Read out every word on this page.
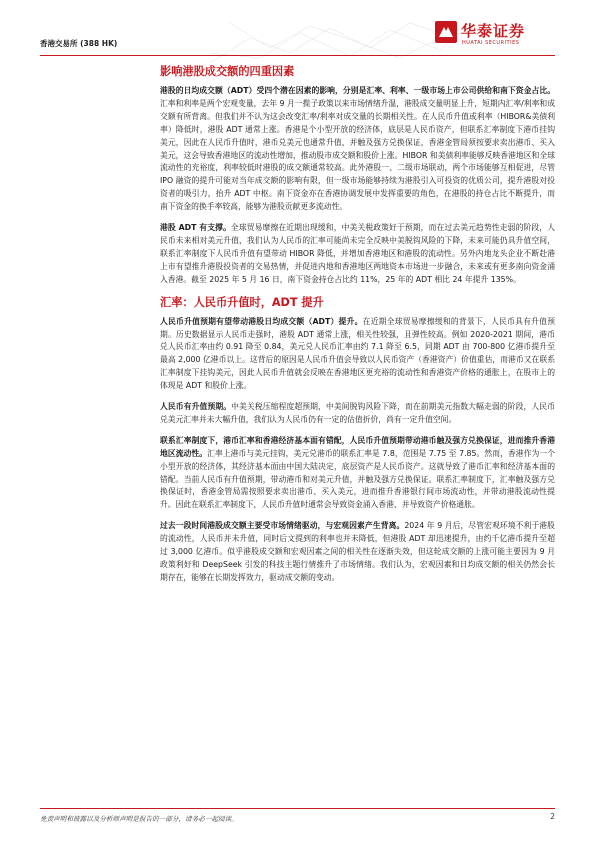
香港交易所 (388 HK)
华泰证券
HUATAI SECURITIES
影响港股成交额的四重因素

港股的日均成交额（ADT）受四个潜在因素的影响，分别是汇率、利率、一级市场上市公司供给和南下资金占比。汇率和利率是两个宏观变量，去年 9 月一揽子政策以来市场情绪升温，港股成交量明显上升，短期内汇率/利率和成交额有所背离。但我们并不认为这会改变汇率/利率对成交量的长期相关性。在人民币升值或利率（HIBOR&美债利率）降低时，港股 ADT 通常上涨。香港是个小型开放的经济体，底层是人民币资产，但联系汇率制度下港币挂钩美元，因此在人民币升值时，港币兑美元也通常升值，并触及强方兑换保证，香港金管局须按要求卖出港币、买入美元，这会导致香港地区的流动性增加，推动股市成交额和股价上涨。HIBOR 和美债利率能够反映香港地区和全球流动性的充裕度，利率较低时港股的成交额通常较高。此外港股一、二级市场联动，两个市场能够互相促进，尽管 IPO 融资的提升可能对当年成交额的影响有限，但一级市场能够持续为港股引入可投资的优质公司，提升港股对投资者的吸引力，抬升 ADT 中枢。南下资金亦在香港协调发展中发挥重要的角色，在港股的持仓占比不断提升，而南下资金的换手率较高，能够为港股贡献更多流动性。

港股 ADT 有支撑。全球贸易摩擦在近期出现缓和，中美关税政策好于预期，而在过去美元趋势性走弱的阶段，人民币未来相对美元升值，我们认为人民币的汇率可能尚未完全反映中美脱钩风险的下降，未来可能仍具升值空间，联系汇率制度下人民币升值有望带动 HIBOR 降低，并增加香港地区和港股的流动性。另外内地龙头企业不断赴港上市有望推升港股投资者的交易热情，并促进内地和香港地区两地资本市场进一步融合，未来或有更多南向资金涌入香港。截至 2025 年 5 月 16 日，南下资金持仓占比约 11%，25 年的 ADT 相比 24 年提升 135%。

汇率：人民币升值时，ADT 提升

人民币升值预期有望带动港股日均成交额（ADT）提升。在近期全球贸易摩擦缓和的背景下，人民币具有升值预期。历史数据显示人民币走强时，港股 ADT 通常上涨，相关性较强，且弹性较高。例如 2020-2021 期间，港币兑人民币汇率由约 0.91 降至 0.84，美元兑人民币汇率由约 7.1 降至 6.5，同期 ADT 由 700-800 亿港币提升至最高 2,000 亿港币以上。这背后的原因是人民币升值会导致以人民币资产（香港资产）价值重估，而港币又在联系汇率制度下挂钩美元，因此人民币升值就会反映在香港地区更充裕的流动性和香港资产价格的通胀上，在股市上的体现是 ADT 和股价上涨。

人民币有升值预期。中美关税压缩程度超预期，中美间脱钩风险下降，而在前期美元指数大幅走弱的阶段，人民币兑美元汇率并未大幅升值，我们认为人民币仍有一定的估值折价，尚有一定升值空间。

联系汇率制度下，港币汇率和香港经济基本面有错配，人民币升值预期带动港币触及强方兑换保证，进而推升香港地区流动性。汇率上港币与美元挂钩，美元兑港币的联系汇率是 7.8，范围是 7.75 至 7.85。然而，香港作为一个小型开放的经济体，其经济基本面由中国大陆决定，底层资产是人民币资产。这就导致了港币汇率和经济基本面的错配。当前人民币有升值预期，带动港币和对美元升值，并触及强方兑换保证。联系汇率制度下，汇率触及强方兑换保证时，香港金管局需按照要求卖出港币、买入美元，进而推升香港银行间市场流动性，并带动港股流动性提升。因此在联系汇率制度下，人民币升值时通常会导致资金涌入香港，并导致资产价格通胀。

过去一段时间港股成交额主要受市场情绪驱动，与宏观因素产生背离。2024 年 9 月后，尽管宏观环境不利于港股的流动性，人民币并未升值，同时后文提到的利率也并未降低，但港股 ADT 却迅速提升，由约千亿港币提升至超过 3,000 亿港币。似乎港股成交额和宏观因素之间的相关性在逐渐失效，但这轮成交额的上涨可能主要因为 9 月政策利好和 DeepSeek 引发的科技主题行情推升了市场情绪。我们认为，宏观因素和日均成交额的相关仍然会长期存在，能够在长期发挥效力，驱动成交额的变动。

免责声明和披露以及分析师声明是报告的一部分，请务必一起阅读。	2
